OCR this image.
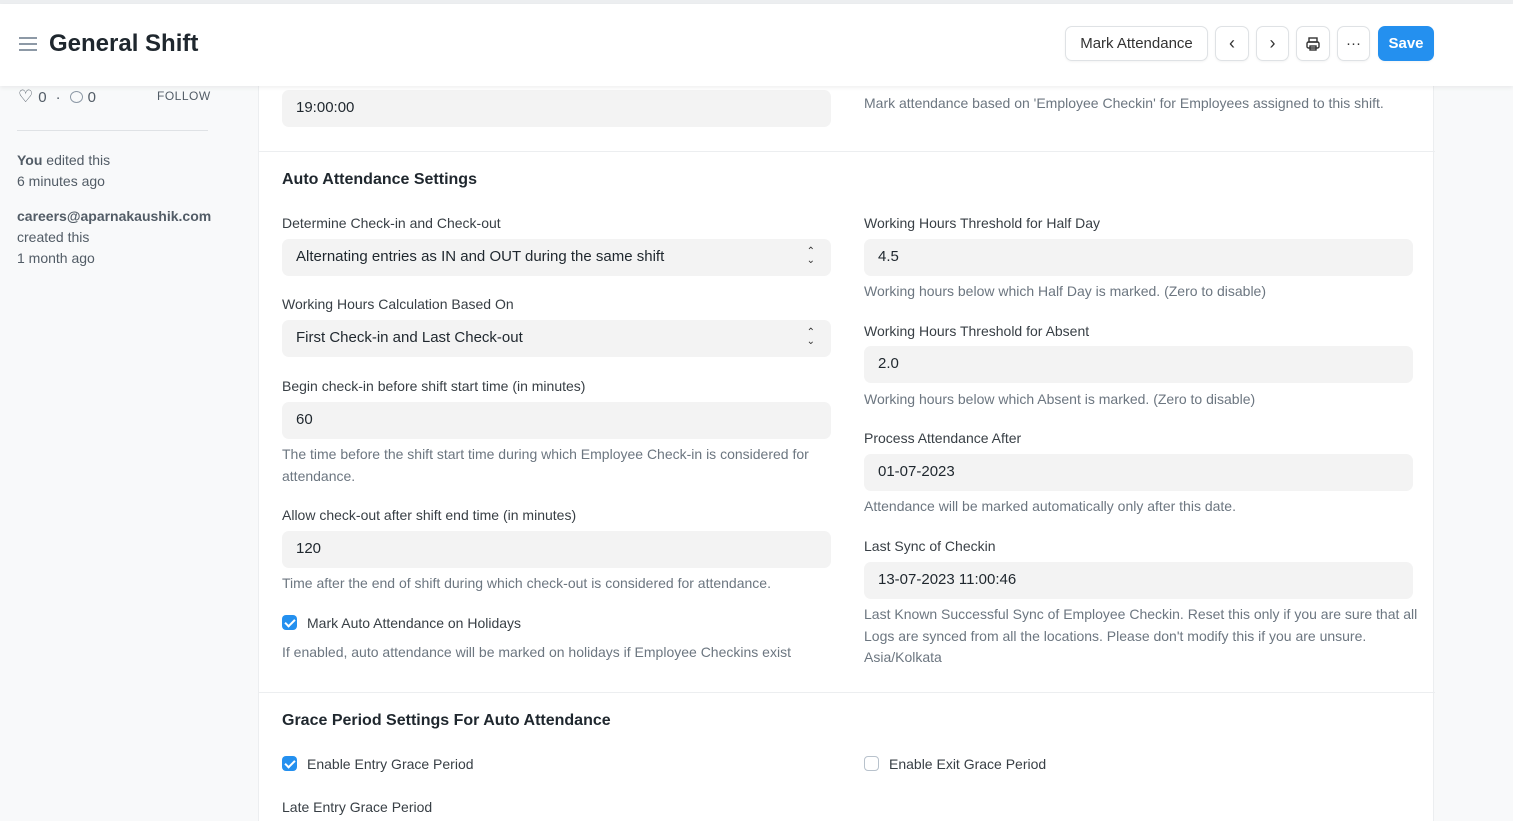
General Shift	Mark Attendance	‹ ›	···	Save
♡ 0 · 0	FOLLOW
You edited this
6 minutes ago
careers@aparnakaushik.com
created this
1 month ago
19:00:00	Mark attendance based on 'Employee Checkin' for Employees assigned to this shift.
Auto Attendance Settings
Determine Check-in and Check-out
Alternating entries as IN and OUT during the same shift	⌃
⌄
Working Hours Calculation Based On
First Check-in and Last Check-out	⌃
⌄
Begin check-in before shift start time (in minutes)
60
The time before the shift start time during which Employee Check-in is considered for attendance.
Allow check-out after shift end time (in minutes)
120
Time after the end of shift during which check-out is considered for attendance.
Mark Auto Attendance on Holidays
If enabled, auto attendance will be marked on holidays if Employee Checkins exist
Working Hours Threshold for Half Day
4.5
Working hours below which Half Day is marked. (Zero to disable)
Working Hours Threshold for Absent
2.0
Working hours below which Absent is marked. (Zero to disable)
Process Attendance After
01-07-2023
Attendance will be marked automatically only after this date.
Last Sync of Checkin
13-07-2023 11:00:46
Last Known Successful Sync of Employee Checkin. Reset this only if you are sure that all Logs are synced from all the locations. Please don't modify this if you are unsure.
Asia/Kolkata
Grace Period Settings For Auto Attendance
Enable Entry Grace Period	Enable Exit Grace Period
Late Entry Grace Period
